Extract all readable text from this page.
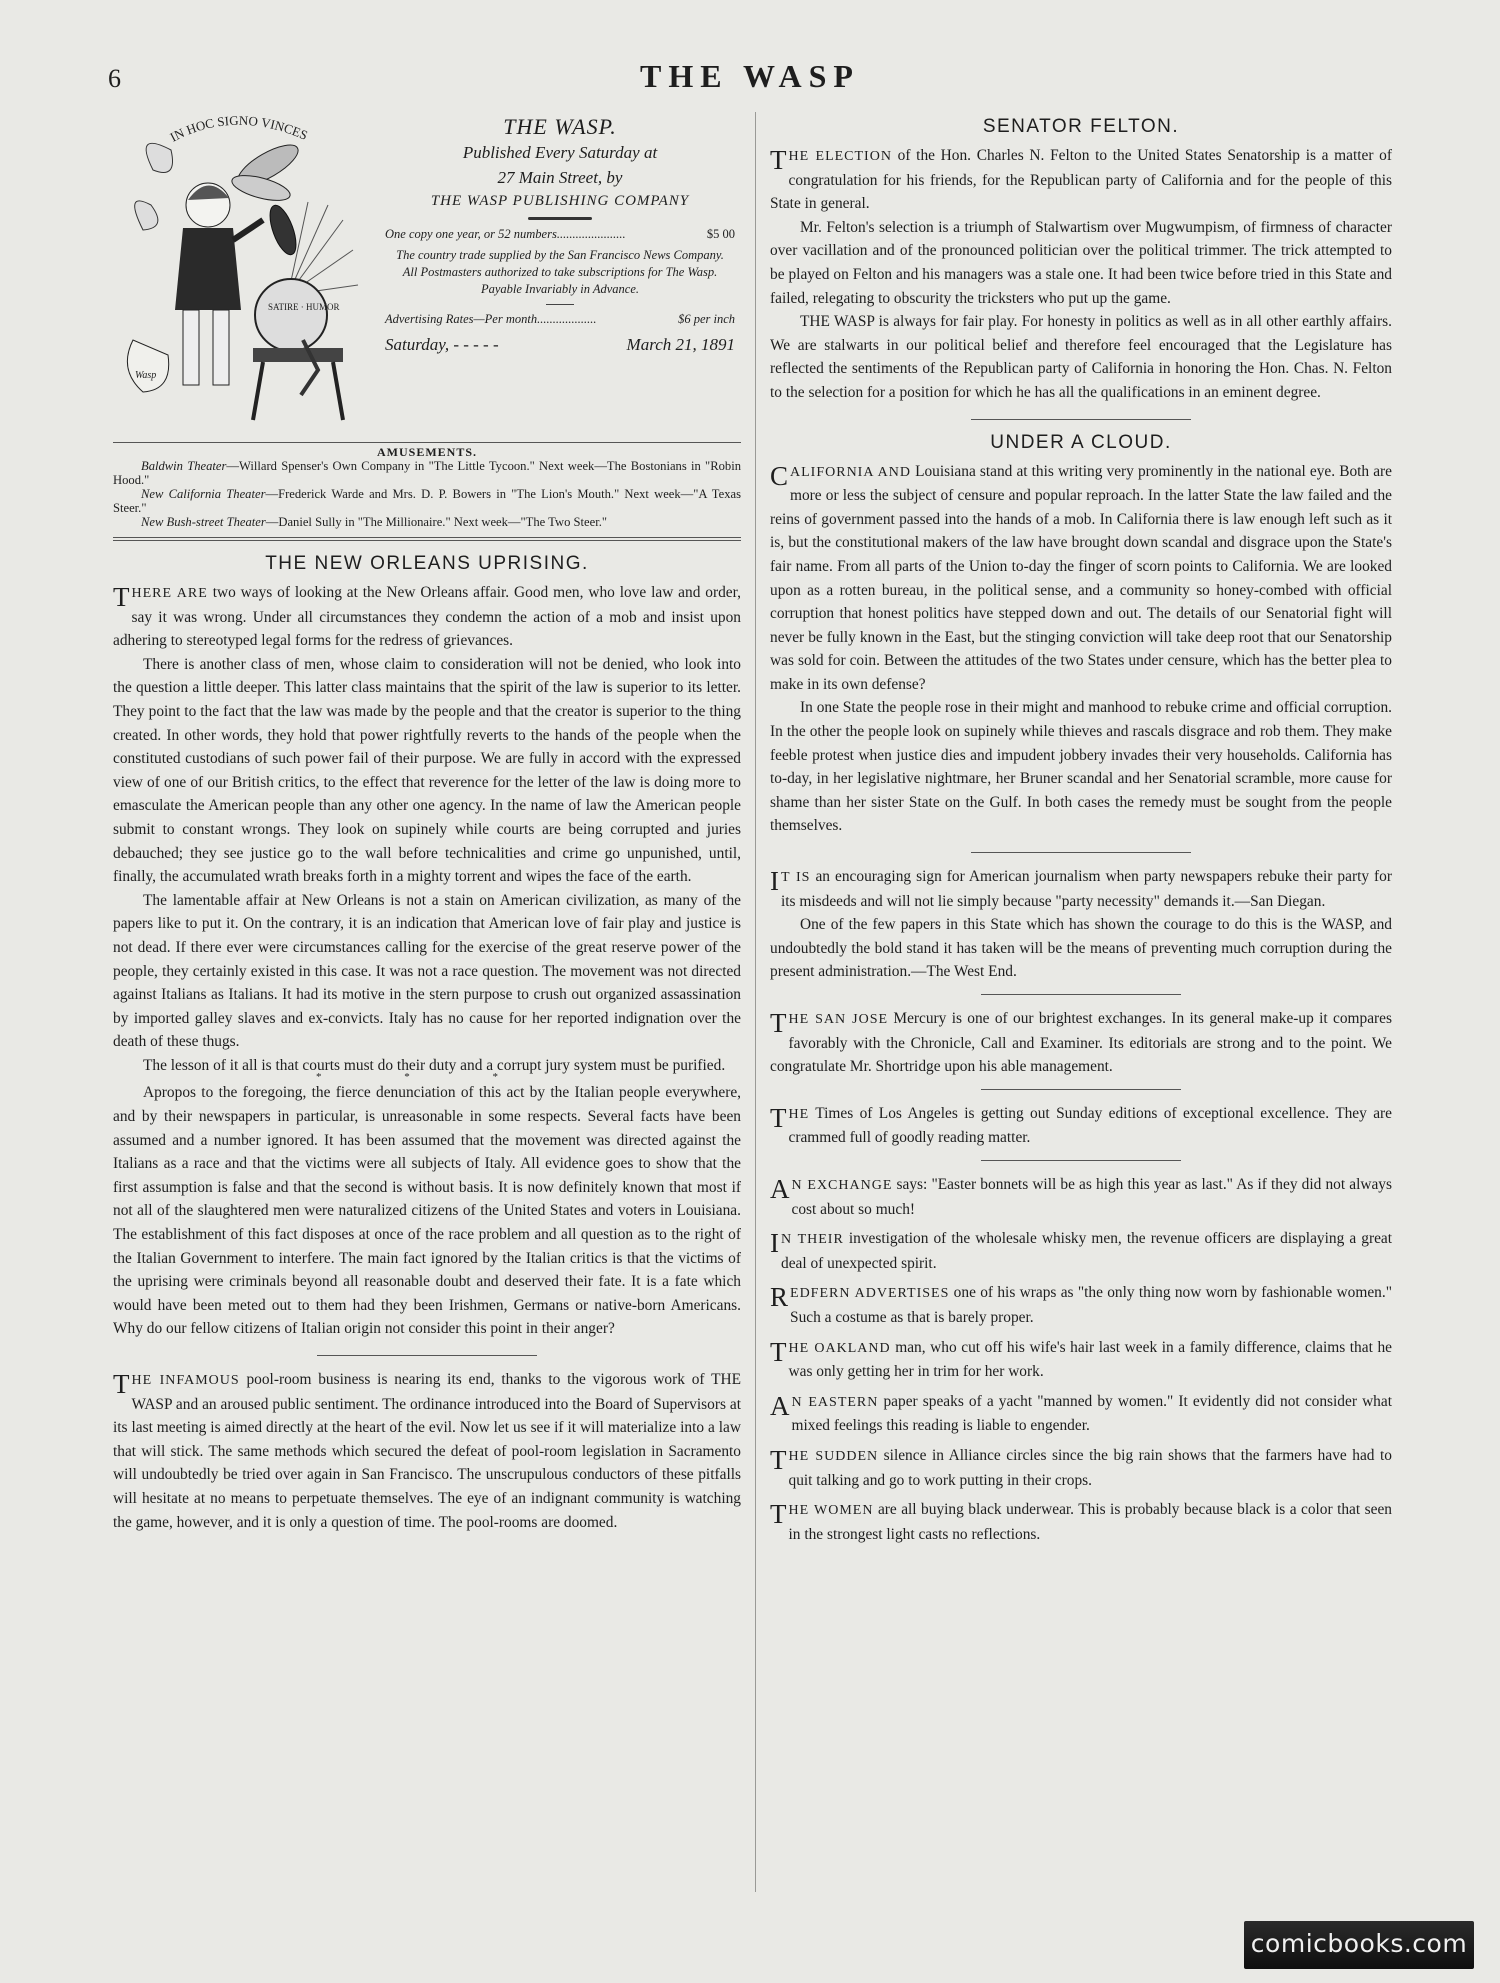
6	THE WASP
IN HOC SIGNO VINCES
SATIRE · HUMOR
Wasp
THE WASP.
Published Every Saturday at
27 Main Street, by
THE WASP PUBLISHING COMPANY
One copy one year, or 52 numbers......................	$5 00
The country trade supplied by the San Francisco News Company. All Postmasters authorized to take subscriptions for The Wasp.
Payable Invariably in Advance.
Advertising Rates—Per month...................	$6 per inch
Saturday, - - - - -	March 21, 1891
AMUSEMENTS.
Baldwin Theater—Willard Spenser's Own Company in "The Little Tycoon." Next week—The Bostonians in "Robin Hood."
New California Theater—Frederick Warde and Mrs. D. P. Bowers in "The Lion's Mouth." Next week—"A Texas Steer."
New Bush-street Theater—Daniel Sully in "The Millionaire." Next week—"The Two Steer."
THE NEW ORLEANS UPRISING.

THERE ARE two ways of looking at the New Orleans affair. Good men, who love law and order, say it was wrong. Under all circumstances they condemn the action of a mob and insist upon adhering to stereotyped legal forms for the redress of grievances.

There is another class of men, whose claim to consideration will not be denied, who look into the question a little deeper. This latter class maintains that the spirit of the law is superior to its letter. They point to the fact that the law was made by the people and that the creator is superior to the thing created. In other words, they hold that power rightfully reverts to the hands of the people when the constituted custodians of such power fail of their purpose. We are fully in accord with the expressed view of one of our British critics, to the effect that reverence for the letter of the law is doing more to emasculate the American people than any other one agency. In the name of law the American people submit to constant wrongs. They look on supinely while courts are being corrupted and juries debauched; they see justice go to the wall before technicalities and crime go unpunished, until, finally, the accumulated wrath breaks forth in a mighty torrent and wipes the face of the earth.

The lamentable affair at New Orleans is not a stain on American civilization, as many of the papers like to put it. On the contrary, it is an indication that American love of fair play and justice is not dead. If there ever were circumstances calling for the exercise of the great reserve power of the people, they certainly existed in this case. It was not a race question. The movement was not directed against Italians as Italians. It had its motive in the stern purpose to crush out organized assassination by imported galley slaves and ex-convicts. Italy has no cause for her reported indignation over the death of these thugs.

The lesson of it all is that courts must do their duty and a corrupt jury system must be purified.

* * *

Apropos to the foregoing, the fierce denunciation of this act by the Italian people everywhere, and by their newspapers in particular, is unreasonable in some respects. Several facts have been assumed and a number ignored. It has been assumed that the movement was directed against the Italians as a race and that the victims were all subjects of Italy. All evidence goes to show that the first assumption is false and that the second is without basis. It is now definitely known that most if not all of the slaughtered men were naturalized citizens of the United States and voters in Louisiana. The establishment of this fact disposes at once of the race problem and all question as to the right of the Italian Government to interfere. The main fact ignored by the Italian critics is that the victims of the uprising were criminals beyond all reasonable doubt and deserved their fate. It is a fate which would have been meted out to them had they been Irishmen, Germans or native-born Americans. Why do our fellow citizens of Italian origin not consider this point in their anger?

THE INFAMOUS pool-room business is nearing its end, thanks to the vigorous work of THE WASP and an aroused public sentiment. The ordinance introduced into the Board of Supervisors at its last meeting is aimed directly at the heart of the evil. Now let us see if it will materialize into a law that will stick. The same methods which secured the defeat of pool-room legislation in Sacramento will undoubtedly be tried over again in San Francisco. The unscrupulous conductors of these pitfalls will hesitate at no means to perpetuate themselves. The eye of an indignant community is watching the game, however, and it is only a question of time. The pool-rooms are doomed.

SENATOR FELTON.

THE ELECTION of the Hon. Charles N. Felton to the United States Senatorship is a matter of congratulation for his friends, for the Republican party of California and for the people of this State in general.

Mr. Felton's selection is a triumph of Stalwartism over Mugwumpism, of firmness of character over vacillation and of the pronounced politician over the political trimmer. The trick attempted to be played on Felton and his managers was a stale one. It had been twice before tried in this State and failed, relegating to obscurity the tricksters who put up the game.

THE WASP is always for fair play. For honesty in politics as well as in all other earthly affairs. We are stalwarts in our political belief and therefore feel encouraged that the Legislature has reflected the sentiments of the Republican party of California in honoring the Hon. Chas. N. Felton to the selection for a position for which he has all the qualifications in an eminent degree.

UNDER A CLOUD.

CALIFORNIA AND Louisiana stand at this writing very prominently in the national eye. Both are more or less the subject of censure and popular reproach. In the latter State the law failed and the reins of government passed into the hands of a mob. In California there is law enough left such as it is, but the constitutional makers of the law have brought down scandal and disgrace upon the State's fair name. From all parts of the Union to-day the finger of scorn points to California. We are looked upon as a rotten bureau, in the political sense, and a community so honey-combed with official corruption that honest politics have stepped down and out. The details of our Senatorial fight will never be fully known in the East, but the stinging conviction will take deep root that our Senatorship was sold for coin. Between the attitudes of the two States under censure, which has the better plea to make in its own defense?

In one State the people rose in their might and manhood to rebuke crime and official corruption. In the other the people look on supinely while thieves and rascals disgrace and rob them. They make feeble protest when justice dies and impudent jobbery invades their very households. California has to-day, in her legislative nightmare, her Bruner scandal and her Senatorial scramble, more cause for shame than her sister State on the Gulf. In both cases the remedy must be sought from the people themselves.

I T IS an encouraging sign for American journalism when party newspapers rebuke their party for its misdeeds and will not lie simply because "party necessity" demands it.—San Diegan.

One of the few papers in this State which has shown the courage to do this is the WASP, and undoubtedly the bold stand it has taken will be the means of preventing much corruption during the present administration.—The West End.

THE SAN JOSE Mercury is one of our brightest exchanges. In its general make-up it compares favorably with the Chronicle, Call and Examiner. Its editorials are strong and to the point. We congratulate Mr. Shortridge upon his able management.

THE Times of Los Angeles is getting out Sunday editions of exceptional excellence. They are crammed full of goodly reading matter.

A N EXCHANGE says: "Easter bonnets will be as high this year as last." As if they did not always cost about so much!

I N THEIR investigation of the wholesale whisky men, the revenue officers are displaying a great deal of unexpected spirit.

REDFERN ADVERTISES one of his wraps as "the only thing now worn by fashionable women." Such a costume as that is barely proper.

THE OAKLAND man, who cut off his wife's hair last week in a family difference, claims that he was only getting her in trim for her work.

A N EASTERN paper speaks of a yacht "manned by women." It evidently did not consider what mixed feelings this reading is liable to engender.

THE SUDDEN silence in Alliance circles since the big rain shows that the farmers have had to quit talking and go to work putting in their crops.

THE WOMEN are all buying black underwear. This is probably because black is a color that seen in the strongest light casts no reflections.

comicbooks.com
